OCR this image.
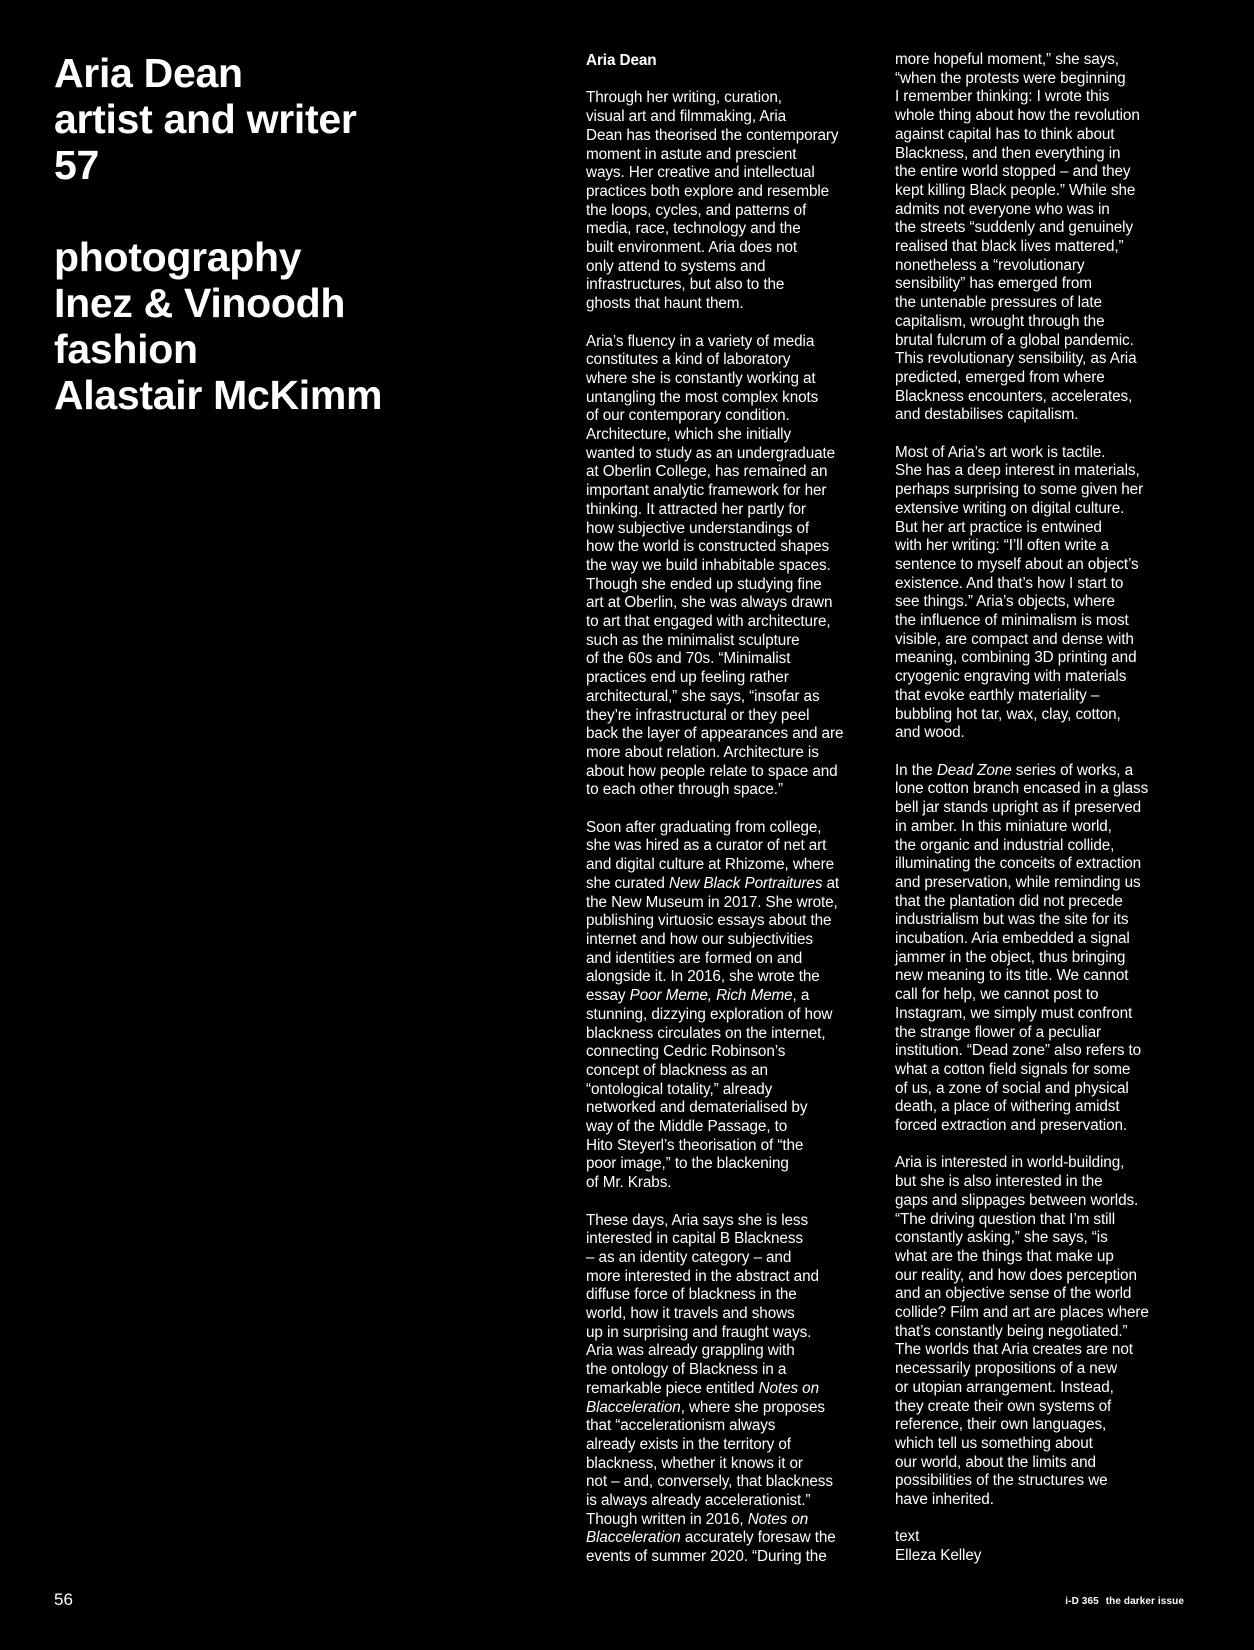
Aria Dean
artist and writer
57
photography
Inez & Vinoodh
fashion
Alastair McKimm
Aria Dean
Through her writing, curation,
visual art and filmmaking, Aria
Dean has theorised the contemporary
moment in astute and prescient
ways. Her creative and intellectual
practices both explore and resemble
the loops, cycles, and patterns of
media, race, technology and the
built environment. Aria does not
only attend to systems and
infrastructures, but also to the
ghosts that haunt them.
Aria’s fluency in a variety of media
constitutes a kind of laboratory
where she is constantly working at
untangling the most complex knots
of our contemporary condition.
Architecture, which she initially
wanted to study as an undergraduate
at Oberlin College, has remained an
important analytic framework for her
thinking. It attracted her partly for
how subjective understandings of
how the world is constructed shapes
the way we build inhabitable spaces.
Though she ended up studying fine
art at Oberlin, she was always drawn
to art that engaged with architecture,
such as the minimalist sculpture
of the 60s and 70s. “Minimalist
practices end up feeling rather
architectural,” she says, “insofar as
they’re infrastructural or they peel
back the layer of appearances and are
more about relation. Architecture is
about how people relate to space and
to each other through space.”
Soon after graduating from college,
she was hired as a curator of net art
and digital culture at Rhizome, where
she curated New Black Portraitures at
the New Museum in 2017. She wrote,
publishing virtuosic essays about the
internet and how our subjectivities
and identities are formed on and
alongside it. In 2016, she wrote the
essay Poor Meme, Rich Meme, a
stunning, dizzying exploration of how
blackness circulates on the internet,
connecting Cedric Robinson’s
concept of blackness as an
“ontological totality,” already
networked and dematerialised by
way of the Middle Passage, to
Hito Steyerl’s theorisation of “the
poor image,” to the blackening
of Mr. Krabs.
These days, Aria says she is less
interested in capital B Blackness
– as an identity category – and
more interested in the abstract and
diffuse force of blackness in the
world, how it travels and shows
up in surprising and fraught ways.
Aria was already grappling with
the ontology of Blackness in a
remarkable piece entitled Notes on
Blacceleration, where she proposes
that “accelerationism always
already exists in the territory of
blackness, whether it knows it or
not – and, conversely, that blackness
is always already accelerationist.”
Though written in 2016, Notes on
Blacceleration accurately foresaw the
events of summer 2020. “During the
more hopeful moment,” she says,
“when the protests were beginning
I remember thinking: I wrote this
whole thing about how the revolution
against capital has to think about
Blackness, and then everything in
the entire world stopped – and they
kept killing Black people.” While she
admits not everyone who was in
the streets “suddenly and genuinely
realised that black lives mattered,”
nonetheless a “revolutionary
sensibility” has emerged from
the untenable pressures of late
capitalism, wrought through the
brutal fulcrum of a global pandemic.
This revolutionary sensibility, as Aria
predicted, emerged from where
Blackness encounters, accelerates,
and destabilises capitalism.
Most of Aria’s art work is tactile.
She has a deep interest in materials,
perhaps surprising to some given her
extensive writing on digital culture.
But her art practice is entwined
with her writing: “I’ll often write a
sentence to myself about an object’s
existence. And that’s how I start to
see things.” Aria’s objects, where
the influence of minimalism is most
visible, are compact and dense with
meaning, combining 3D printing and
cryogenic engraving with materials
that evoke earthly materiality –
bubbling hot tar, wax, clay, cotton,
and wood.
In the Dead Zone series of works, a
lone cotton branch encased in a glass
bell jar stands upright as if preserved
in amber. In this miniature world,
the organic and industrial collide,
illuminating the conceits of extraction
and preservation, while reminding us
that the plantation did not precede
industrialism but was the site for its
incubation. Aria embedded a signal
jammer in the object, thus bringing
new meaning to its title. We cannot
call for help, we cannot post to
Instagram, we simply must confront
the strange flower of a peculiar
institution. “Dead zone” also refers to
what a cotton field signals for some
of us, a zone of social and physical
death, a place of withering amidst
forced extraction and preservation.
Aria is interested in world-building,
but she is also interested in the
gaps and slippages between worlds.
“The driving question that I’m still
constantly asking,” she says, “is
what are the things that make up
our reality, and how does perception
and an objective sense of the world
collide? Film and art are places where
that’s constantly being negotiated.”
The worlds that Aria creates are not
necessarily propositions of a new
or utopian arrangement. Instead,
they create their own systems of
reference, their own languages,
which tell us something about
our world, about the limits and
possibilities of the structures we
have inherited.
text
Elleza Kelley
56	i-D 365 the darker issue
